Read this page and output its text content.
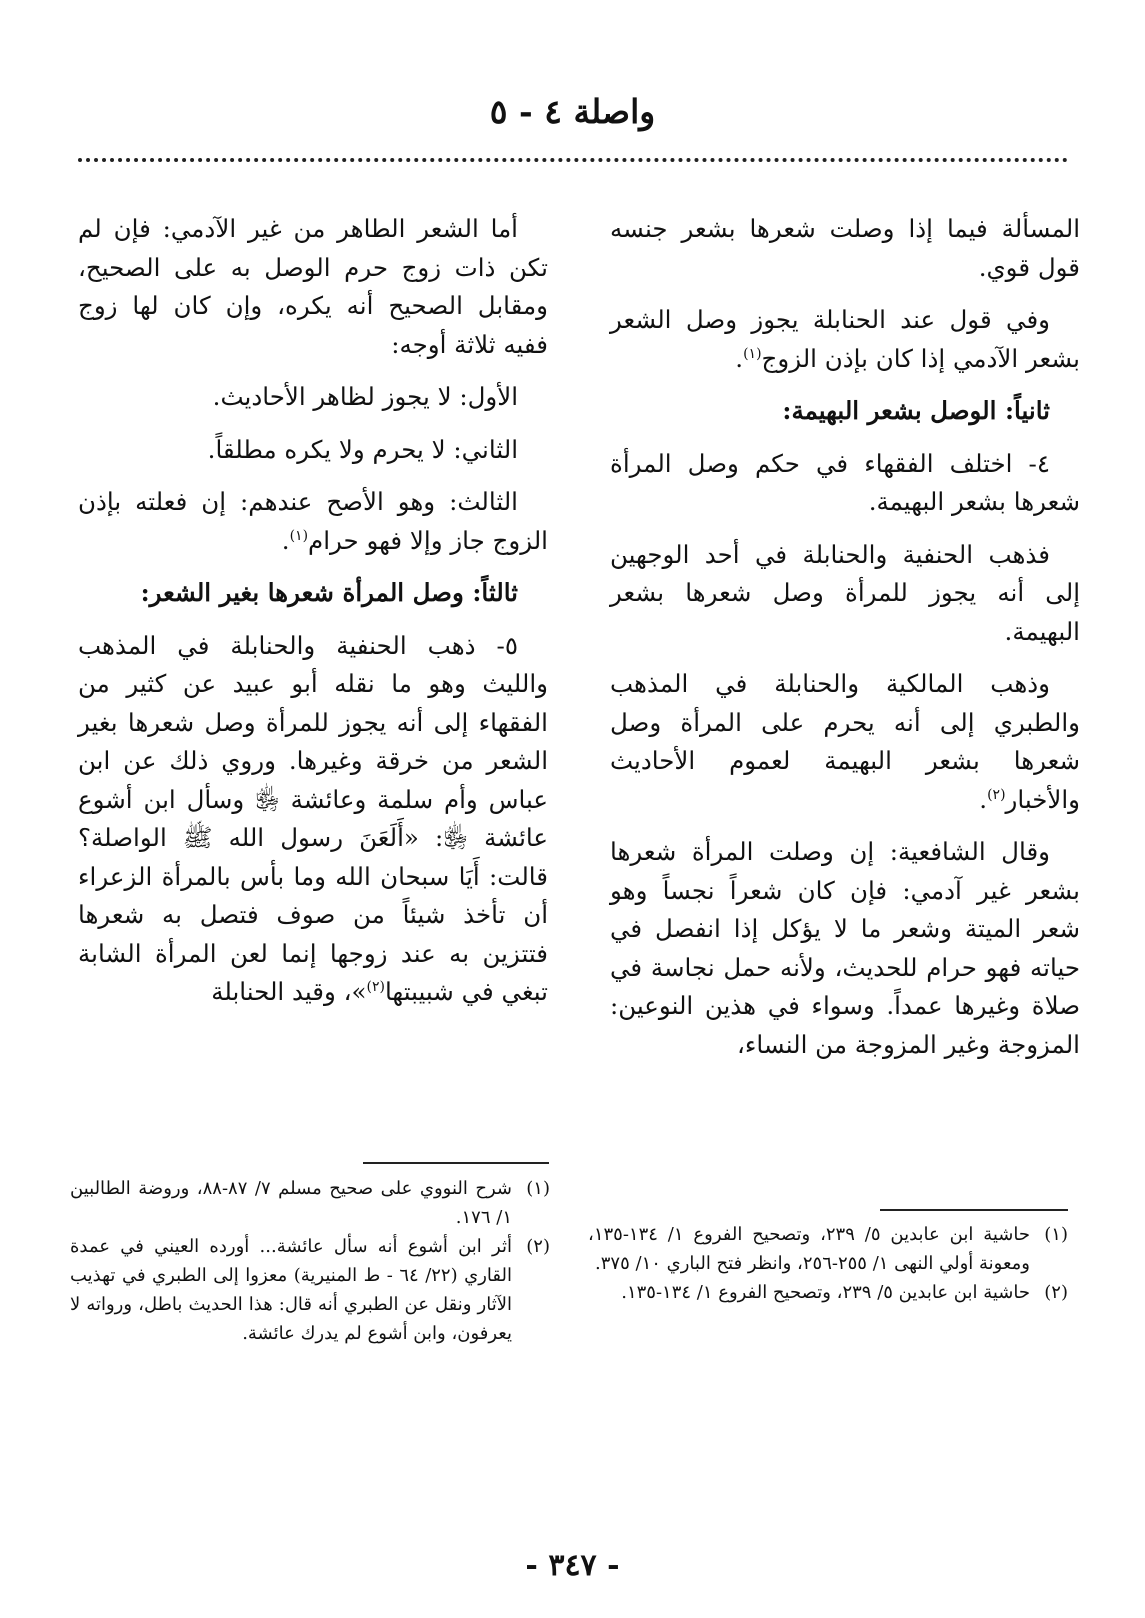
واصلة ٤ - ٥

المسألة فيما إذا وصلت شعرها بشعر جنسه قول قوي.

وفي قول عند الحنابلة يجوز وصل الشعر بشعر الآدمي إذا كان بإذن الزوج$^{(١)}$.

ثانياً: الوصل بشعر البهيمة:

٤- اختلف الفقهاء في حكم وصل المرأة شعرها بشعر البهيمة.

فذهب الحنفية والحنابلة في أحد الوجهين إلى أنه يجوز للمرأة وصل شعرها بشعر البهيمة.

وذهب المالكية والحنابلة في المذهب والطبري إلى أنه يحرم على المرأة وصل شعرها بشعر البهيمة لعموم الأحاديث والأخبار$^{(٢)}$.

وقال الشافعية: إن وصلت المرأة شعرها بشعر غير آدمي: فإن كان شعراً نجساً وهو شعر الميتة وشعر ما لا يؤكل إذا انفصل في حياته فهو حرام للحديث، ولأنه حمل نجاسة في صلاة وغيرها عمداً. وسواء في هذين النوعين: المزوجة وغير المزوجة من النساء،

أما الشعر الطاهر من غير الآدمي: فإن لم تكن ذات زوج حرم الوصل به على الصحيح، ومقابل الصحيح أنه يكره، وإن كان لها زوج ففيه ثلاثة أوجه:

الأول: لا يجوز لظاهر الأحاديث.

الثاني: لا يحرم ولا يكره مطلقاً.

الثالث: وهو الأصح عندهم: إن فعلته بإذن الزوج جاز وإلا فهو حرام$^{(١)}$.

ثالثاً: وصل المرأة شعرها بغير الشعر:

٥- ذهب الحنفية والحنابلة في المذهب والليث وهو ما نقله أبو عبيد عن كثير من الفقهاء إلى أنه يجوز للمرأة وصل شعرها بغير الشعر من خرقة وغيرها. وروي ذلك عن ابن عباس وأم سلمة وعائشة ﵂ وسأل ابن أشوع عائشة ﵂: «أَلَعَنَ رسول الله ﷺ الواصلة؟ قالت: أَيَا سبحان الله وما بأس بالمرأة الزعراء أن تأخذ شيئاً من صوف فتصل به شعرها فتتزين به عند زوجها إنما لعن المرأة الشابة تبغي في شبيبتها$^{(٢)}$»، وقيد الحنابلة

(١)
حاشية ابن عابدين ٥/ ٢٣٩، وتصحيح الفروع ١/ ١٣٤-١٣٥، ومعونة أولي النهى ١/ ٢٥٥-٢٥٦، وانظر فتح الباري ١٠/ ٣٧٥.
(٢)
حاشية ابن عابدين ٥/ ٢٣٩، وتصحيح الفروع ١/ ١٣٤-١٣٥.
(١)
شرح النووي على صحيح مسلم ٧/ ٨٧-٨٨، وروضة الطالبين ١/ ١٧٦.
(٢)
أثر ابن أشوع أنه سأل عائشة... أورده العيني في عمدة القاري (٢٢/ ٦٤ - ط المنيرية) معزوا إلى الطبري في تهذيب الآثار ونقل عن الطبري أنه قال: هذا الحديث باطل، ورواته لا يعرفون، وابن أشوع لم يدرك عائشة.
- ٣٤٧ -
